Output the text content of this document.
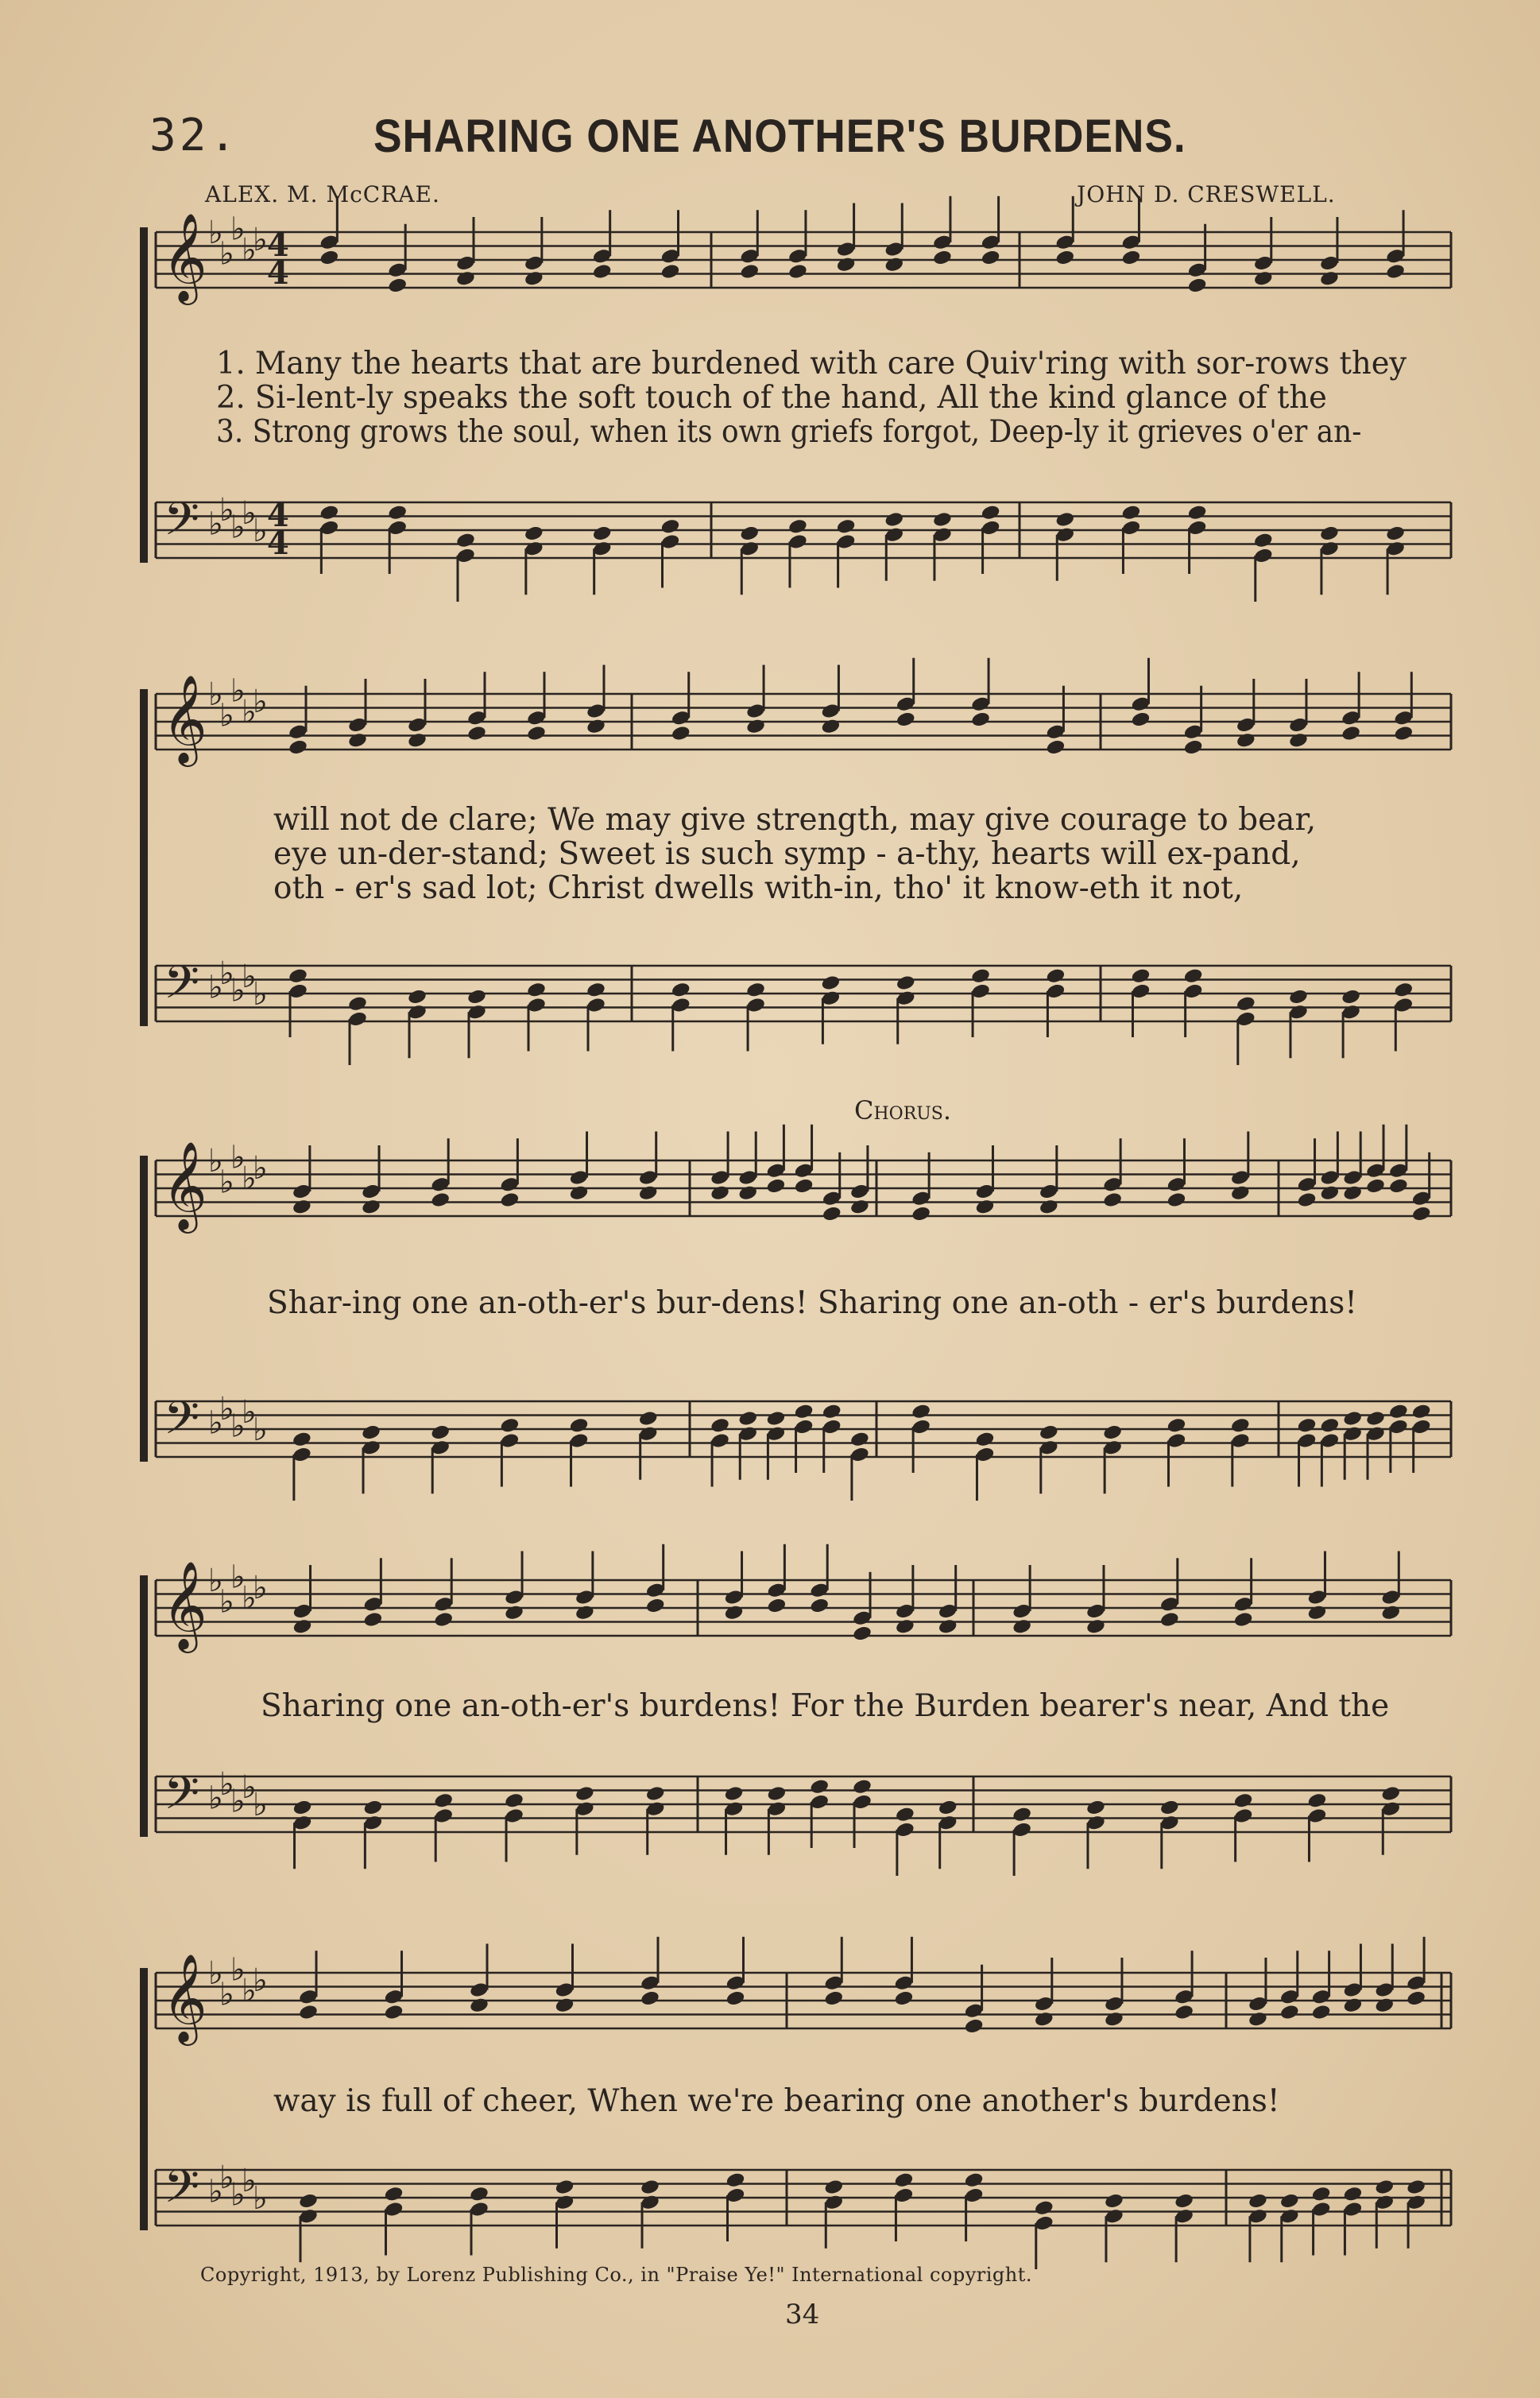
32.	SHARING ONE ANOTHER'S BURDENS.
ALEX. M. McCRAE.	JOHN D. CRESWELL.
𝄞 ♭
♭
♭
♭
♭ 4
4
𝄢 ♭
♭
♭
♭
♭ 4
4
𝄞 ♭
♭
♭
♭
♭
𝄢 ♭
♭
♭
♭
♭
𝄞 ♭
♭
♭
♭
♭
𝄢 ♭
♭
♭
♭
♭
𝄞 ♭
♭
♭
♭
♭
𝄢 ♭
♭
♭
♭
♭
𝄞 ♭
♭
♭
♭
♭
𝄢 ♭
♭
♭
♭
♭
1. Many the hearts that are burdened with care Quiv'ring with sor-rows they
2. Si-lent-ly speaks the soft touch of the hand, All the kind glance of the
3. Strong grows the soul, when its own griefs forgot, Deep-ly it grieves o'er an-
will not de clare; We may give strength, may give courage to bear,
eye un-der-stand; Sweet is such symp - a-thy, hearts will ex-pand,
oth - er's sad lot; Christ dwells with-in, tho' it know-eth it not,
Chorus.
Shar-ing one an-oth-er's bur-dens! Sharing one an-oth - er's burdens!
Sharing one an-oth-er's burdens! For the Burden bearer's near, And the
way is full of cheer, When we're bearing one another's burdens!
Copyright, 1913, by Lorenz Publishing Co., in "Praise Ye!" International copyright.
34
